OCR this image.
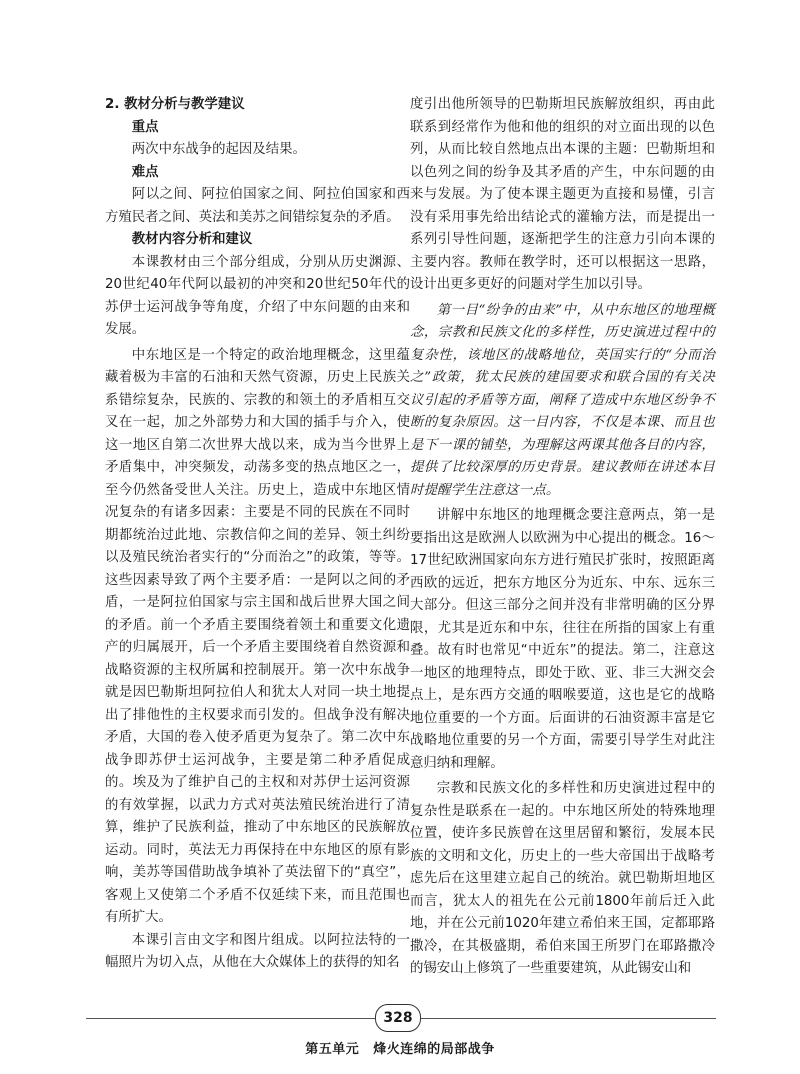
2. 教材分析与教学建议

重点

两次中东战争的起因及结果。

难点

阿以之间、阿拉伯国家之间、阿拉伯国家和西方殖民者之间、英法和美苏之间错综复杂的矛盾。

教材内容分析和建议

本课教材由三个部分组成，分别从历史渊源、20世纪40年代阿以最初的冲突和20世纪50年代的苏伊士运河战争等角度，介绍了中东问题的由来和发展。

中东地区是一个特定的政治地理概念，这里蕴藏着极为丰富的石油和天然气资源，历史上民族关系错综复杂，民族的、宗教的和领土的矛盾相互交叉在一起，加之外部势力和大国的插手与介入，使这一地区自第二次世界大战以来，成为当今世界上矛盾集中，冲突频发，动荡多变的热点地区之一，至今仍然备受世人关注。历史上，造成中东地区情况复杂的有诸多因素：主要是不同的民族在不同时期都统治过此地、宗教信仰之间的差异、领土纠纷以及殖民统治者实行的“分而治之”的政策，等等。这些因素导致了两个主要矛盾：一是阿以之间的矛盾，一是阿拉伯国家与宗主国和战后世界大国之间的矛盾。前一个矛盾主要围绕着领土和重要文化遗产的归属展开，后一个矛盾主要围绕着自然资源和战略资源的主权所属和控制展开。第一次中东战争就是因巴勒斯坦阿拉伯人和犹太人对同一块土地提出了排他性的主权要求而引发的。但战争没有解决矛盾，大国的卷入使矛盾更为复杂了。第二次中东战争即苏伊士运河战争，主要是第二种矛盾促成的。埃及为了维护自己的主权和对苏伊士运河资源的有效掌握，以武力方式对英法殖民统治进行了清算，维护了民族利益，推动了中东地区的民族解放运动。同时，英法无力再保持在中东地区的原有影响，美苏等国借助战争填补了英法留下的“真空”，客观上又使第二个矛盾不仅延续下来，而且范围也有所扩大。

本课引言由文字和图片组成。以阿拉法特的一幅照片为切入点，从他在大众媒体上的获得的知名

度引出他所领导的巴勒斯坦民族解放组织，再由此联系到经常作为他和他的组织的对立面出现的以色列，从而比较自然地点出本课的主题：巴勒斯坦和以色列之间的纷争及其矛盾的产生，中东问题的由来与发展。为了使本课主题更为直接和易懂，引言没有采用事先给出结论式的灌输方法，而是提出一系列引导性问题，逐渐把学生的注意力引向本课的主要内容。教师在教学时，还可以根据这一思路，设计出更多更好的问题对学生加以引导。

第一目“纷争的由来”中，从中东地区的地理概念，宗教和民族文化的多样性，历史演进过程中的复杂性，该地区的战略地位，英国实行的“分而治之”政策，犹太民族的建国要求和联合国的有关决议引起的矛盾等方面，阐释了造成中东地区纷争不断的复杂原因。这一目内容，不仅是本课、而且也是下一课的铺垫，为理解这两课其他各目的内容，提供了比较深厚的历史背景。建议教师在讲述本目时提醒学生注意这一点。

讲解中东地区的地理概念要注意两点，第一是要指出这是欧洲人以欧洲为中心提出的概念。16～17世纪欧洲国家向东方进行殖民扩张时，按照距离西欧的远近，把东方地区分为近东、中东、远东三大部分。但这三部分之间并没有非常明确的区分界限，尤其是近东和中东，往往在所指的国家上有重叠。故有时也常见“中近东”的提法。第二，注意这一地区的地理特点，即处于欧、亚、非三大洲交会点上，是东西方交通的咽喉要道，这也是它的战略地位重要的一个方面。后面讲的石油资源丰富是它战略地位重要的另一个方面，需要引导学生对此注意归纳和理解。

宗教和民族文化的多样性和历史演进过程中的复杂性是联系在一起的。中东地区所处的特殊地理位置，使许多民族曾在这里居留和繁衍，发展本民族的文明和文化，历史上的一些大帝国出于战略考虑先后在这里建立起自己的统治。就巴勒斯坦地区而言，犹太人的祖先在公元前1800年前后迁入此地，并在公元前1020年建立希伯来王国，定都耶路撒冷，在其极盛期，希伯来国王所罗门在耶路撒冷的锡安山上修筑了一些重要建筑，从此锡安山和

328
第五单元 烽火连绵的局部战争
